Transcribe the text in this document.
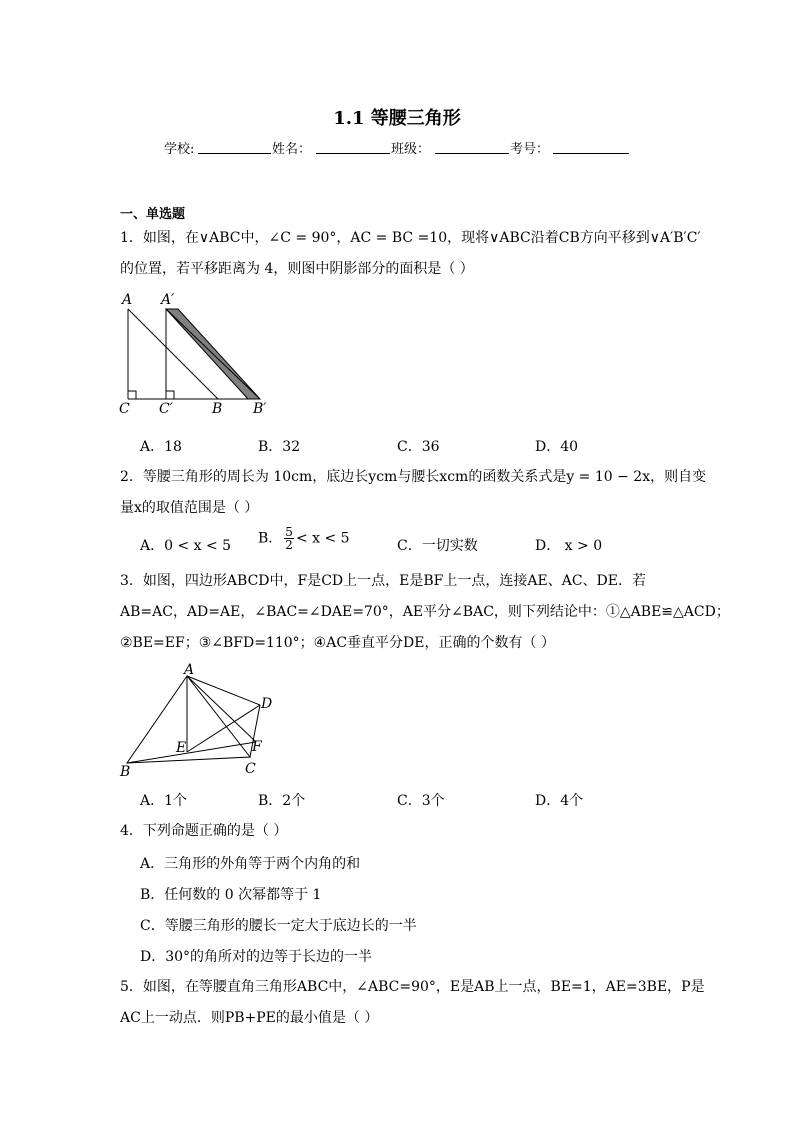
1.1 等腰三角形
学校:	姓名：	班级：	考号：
一、单选题
1．如图，在∨ABC中，∠C = 90°，AC = BC =10，现将∨ABC沿着CB方向平移到∨A′B′C′
的位置，若平移距离为 4，则图中阴影部分的面积是（ ）
A A′
C C′	B B′
A．18	B．32	C．36	D．40
2．等腰三角形的周长为 10cm，底边长ycm与腰长xcm的函数关系式是y = 10 − 2x，则自变
量x的取值范围是（ ）
A．0 < x < 5 B． $\frac{5}{2} < x < 5$	C．一切实数	D． x > 0
3．如图，四边形ABCD中，F是CD上一点，E是BF上一点，连接AE、AC、DE．若
AB=AC，AD=AE，∠BAC=∠DAE=70°，AE平分∠BAC，则下列结论中：①△ABE≌△ACD；
②BE=EF；③∠BFD=110°；④AC垂直平分DE，正确的个数有（ ）
A
B	C
D
E	F
A．1个	B．2个	C．3个	D．4个
4．下列命题正确的是（ ）
A．三角形的外角等于两个内角的和
B．任何数的 0 次幂都等于 1
C．等腰三角形的腰长一定大于底边长的一半
D．30°的角所对的边等于长边的一半
5．如图，在等腰直角三角形ABC中，∠ABC=90°，E是AB上一点，BE=1，AE=3BE，P是
AC上一动点．则PB+PE的最小值是（ ）
